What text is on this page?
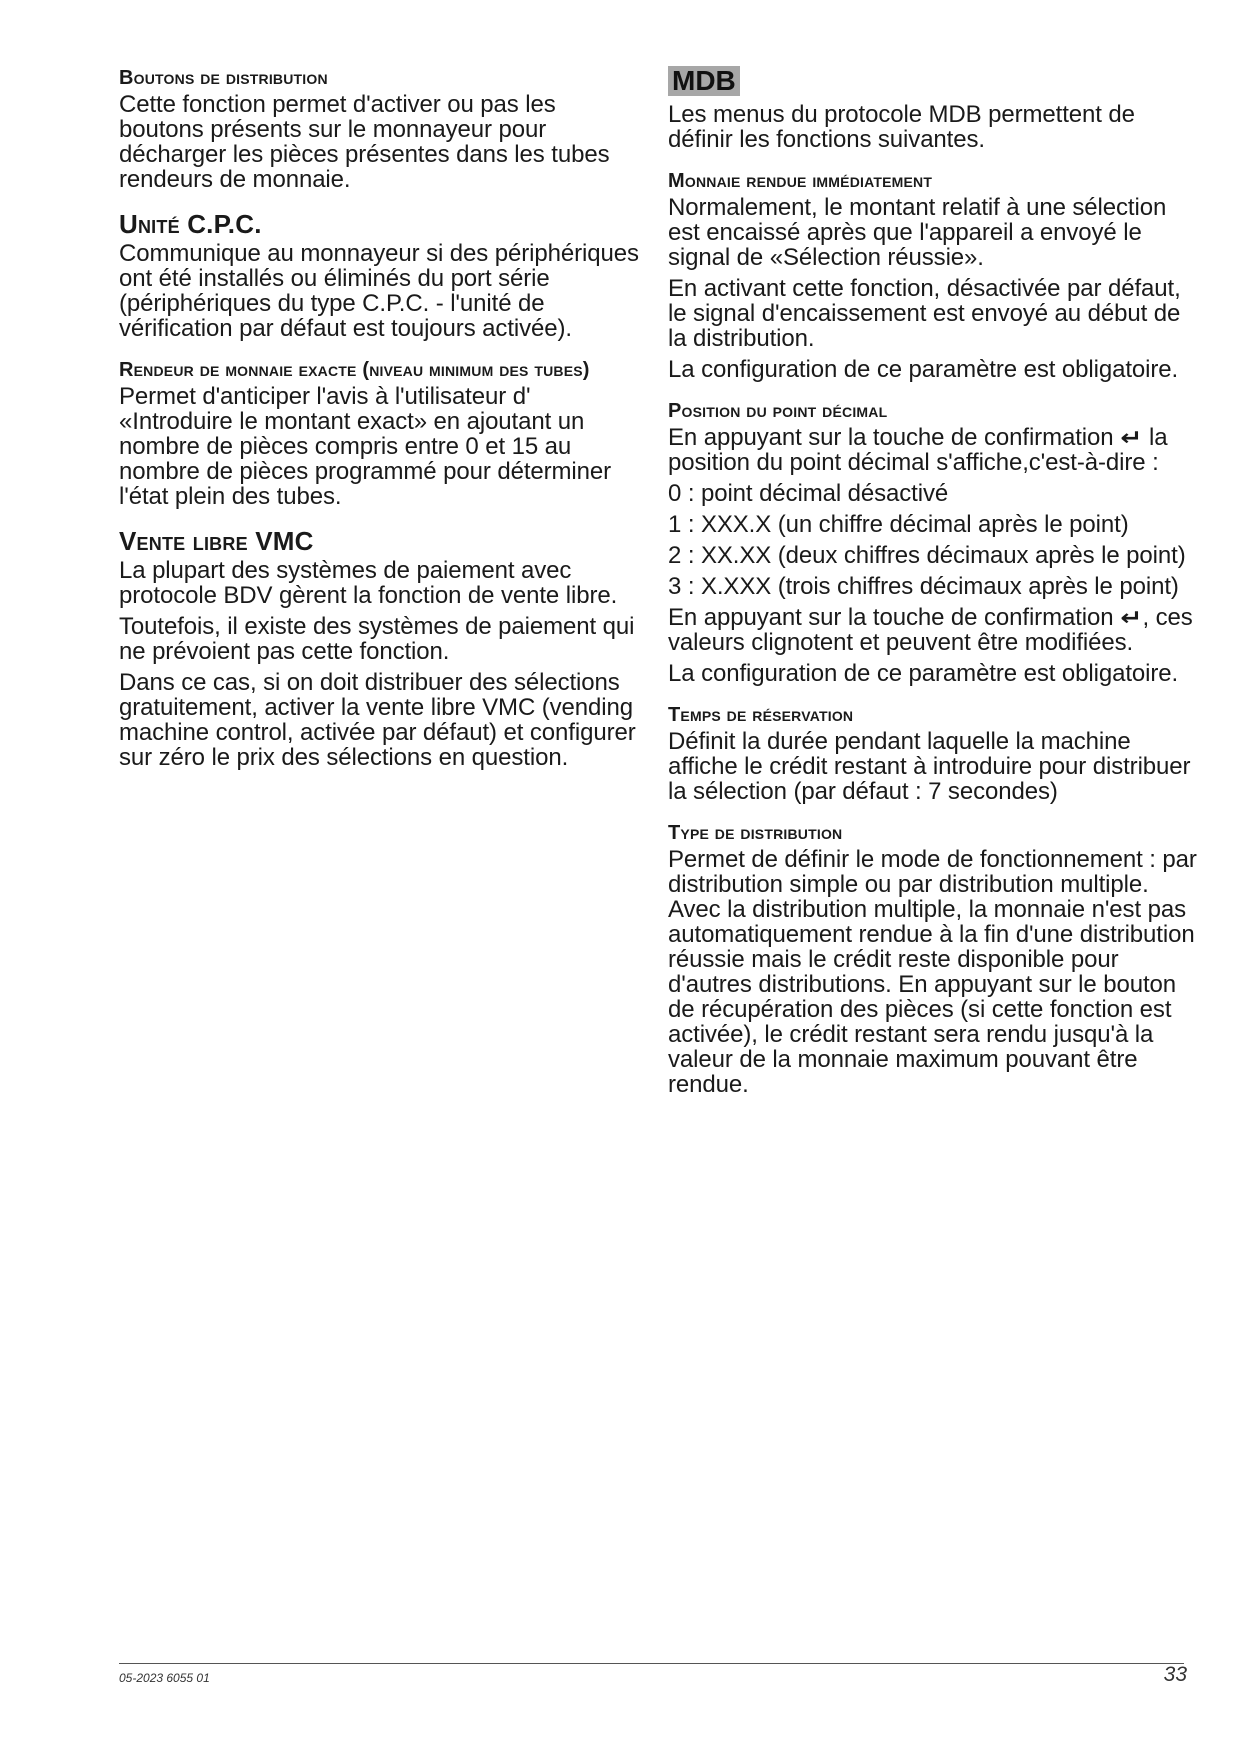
Boutons de distribution
Cette fonction permet d'activer ou pas les boutons présents sur le monnayeur pour décharger les pièces présentes dans les tubes rendeurs de monnaie.
Unité C.P.C.
Communique au monnayeur si des périphériques ont été installés ou éliminés du port série (périphériques du type C.P.C. - l'unité de vérification par défaut est toujours activée).
Rendeur de monnaie exacte (niveau minimum des tubes)
Permet d'anticiper l'avis à l'utilisateur d' «Introduire le montant exact» en ajoutant un nombre de pièces compris entre 0 et 15 au nombre de pièces programmé pour déterminer l'état plein des tubes.
Vente libre VMC
La plupart des systèmes de paiement avec protocole BDV gèrent la fonction de vente libre.
Toutefois, il existe des systèmes de paiement qui ne prévoient pas cette fonction.
Dans ce cas, si on doit distribuer des sélections gratuitement, activer la vente libre VMC (vending machine control, activée par défaut) et configurer sur zéro le prix des sélections en question.
MDB
Les menus du protocole MDB permettent de définir les fonctions suivantes.
Monnaie rendue immédiatement
Normalement, le montant relatif à une sélection est encaissé après que l'appareil a envoyé le signal de «Sélection réussie».
En activant cette fonction, désactivée par défaut, le signal d'encaissement est envoyé au début de la distribution.
La configuration de ce paramètre est obligatoire.
Position du point décimal
En appuyant sur la touche de confirmation ↵ la position du point décimal s'affiche,c'est-à-dire :
0 : point décimal désactivé
1 : XXX.X (un chiffre décimal après le point)
2 : XX.XX (deux chiffres décimaux après le point)
3 : X.XXX (trois chiffres décimaux après le point)
En appuyant sur la touche de confirmation ↵, ces valeurs clignotent et peuvent être modifiées.
La configuration de ce paramètre est obligatoire.
Temps de réservation
Définit la durée pendant laquelle la machine affiche le crédit restant à introduire pour distribuer la sélection (par défaut : 7 secondes)
Type de distribution
Permet de définir le mode de fonctionnement : par distribution simple ou par distribution multiple. Avec la distribution multiple, la monnaie n'est pas automatiquement rendue à la fin d'une distribution réussie mais le crédit reste disponible pour d'autres distributions. En appuyant sur le bouton de récupération des pièces (si cette fonction est activée), le crédit restant sera rendu jusqu'à la valeur de la monnaie maximum pouvant être rendue.
05-2023 6055 01	33
